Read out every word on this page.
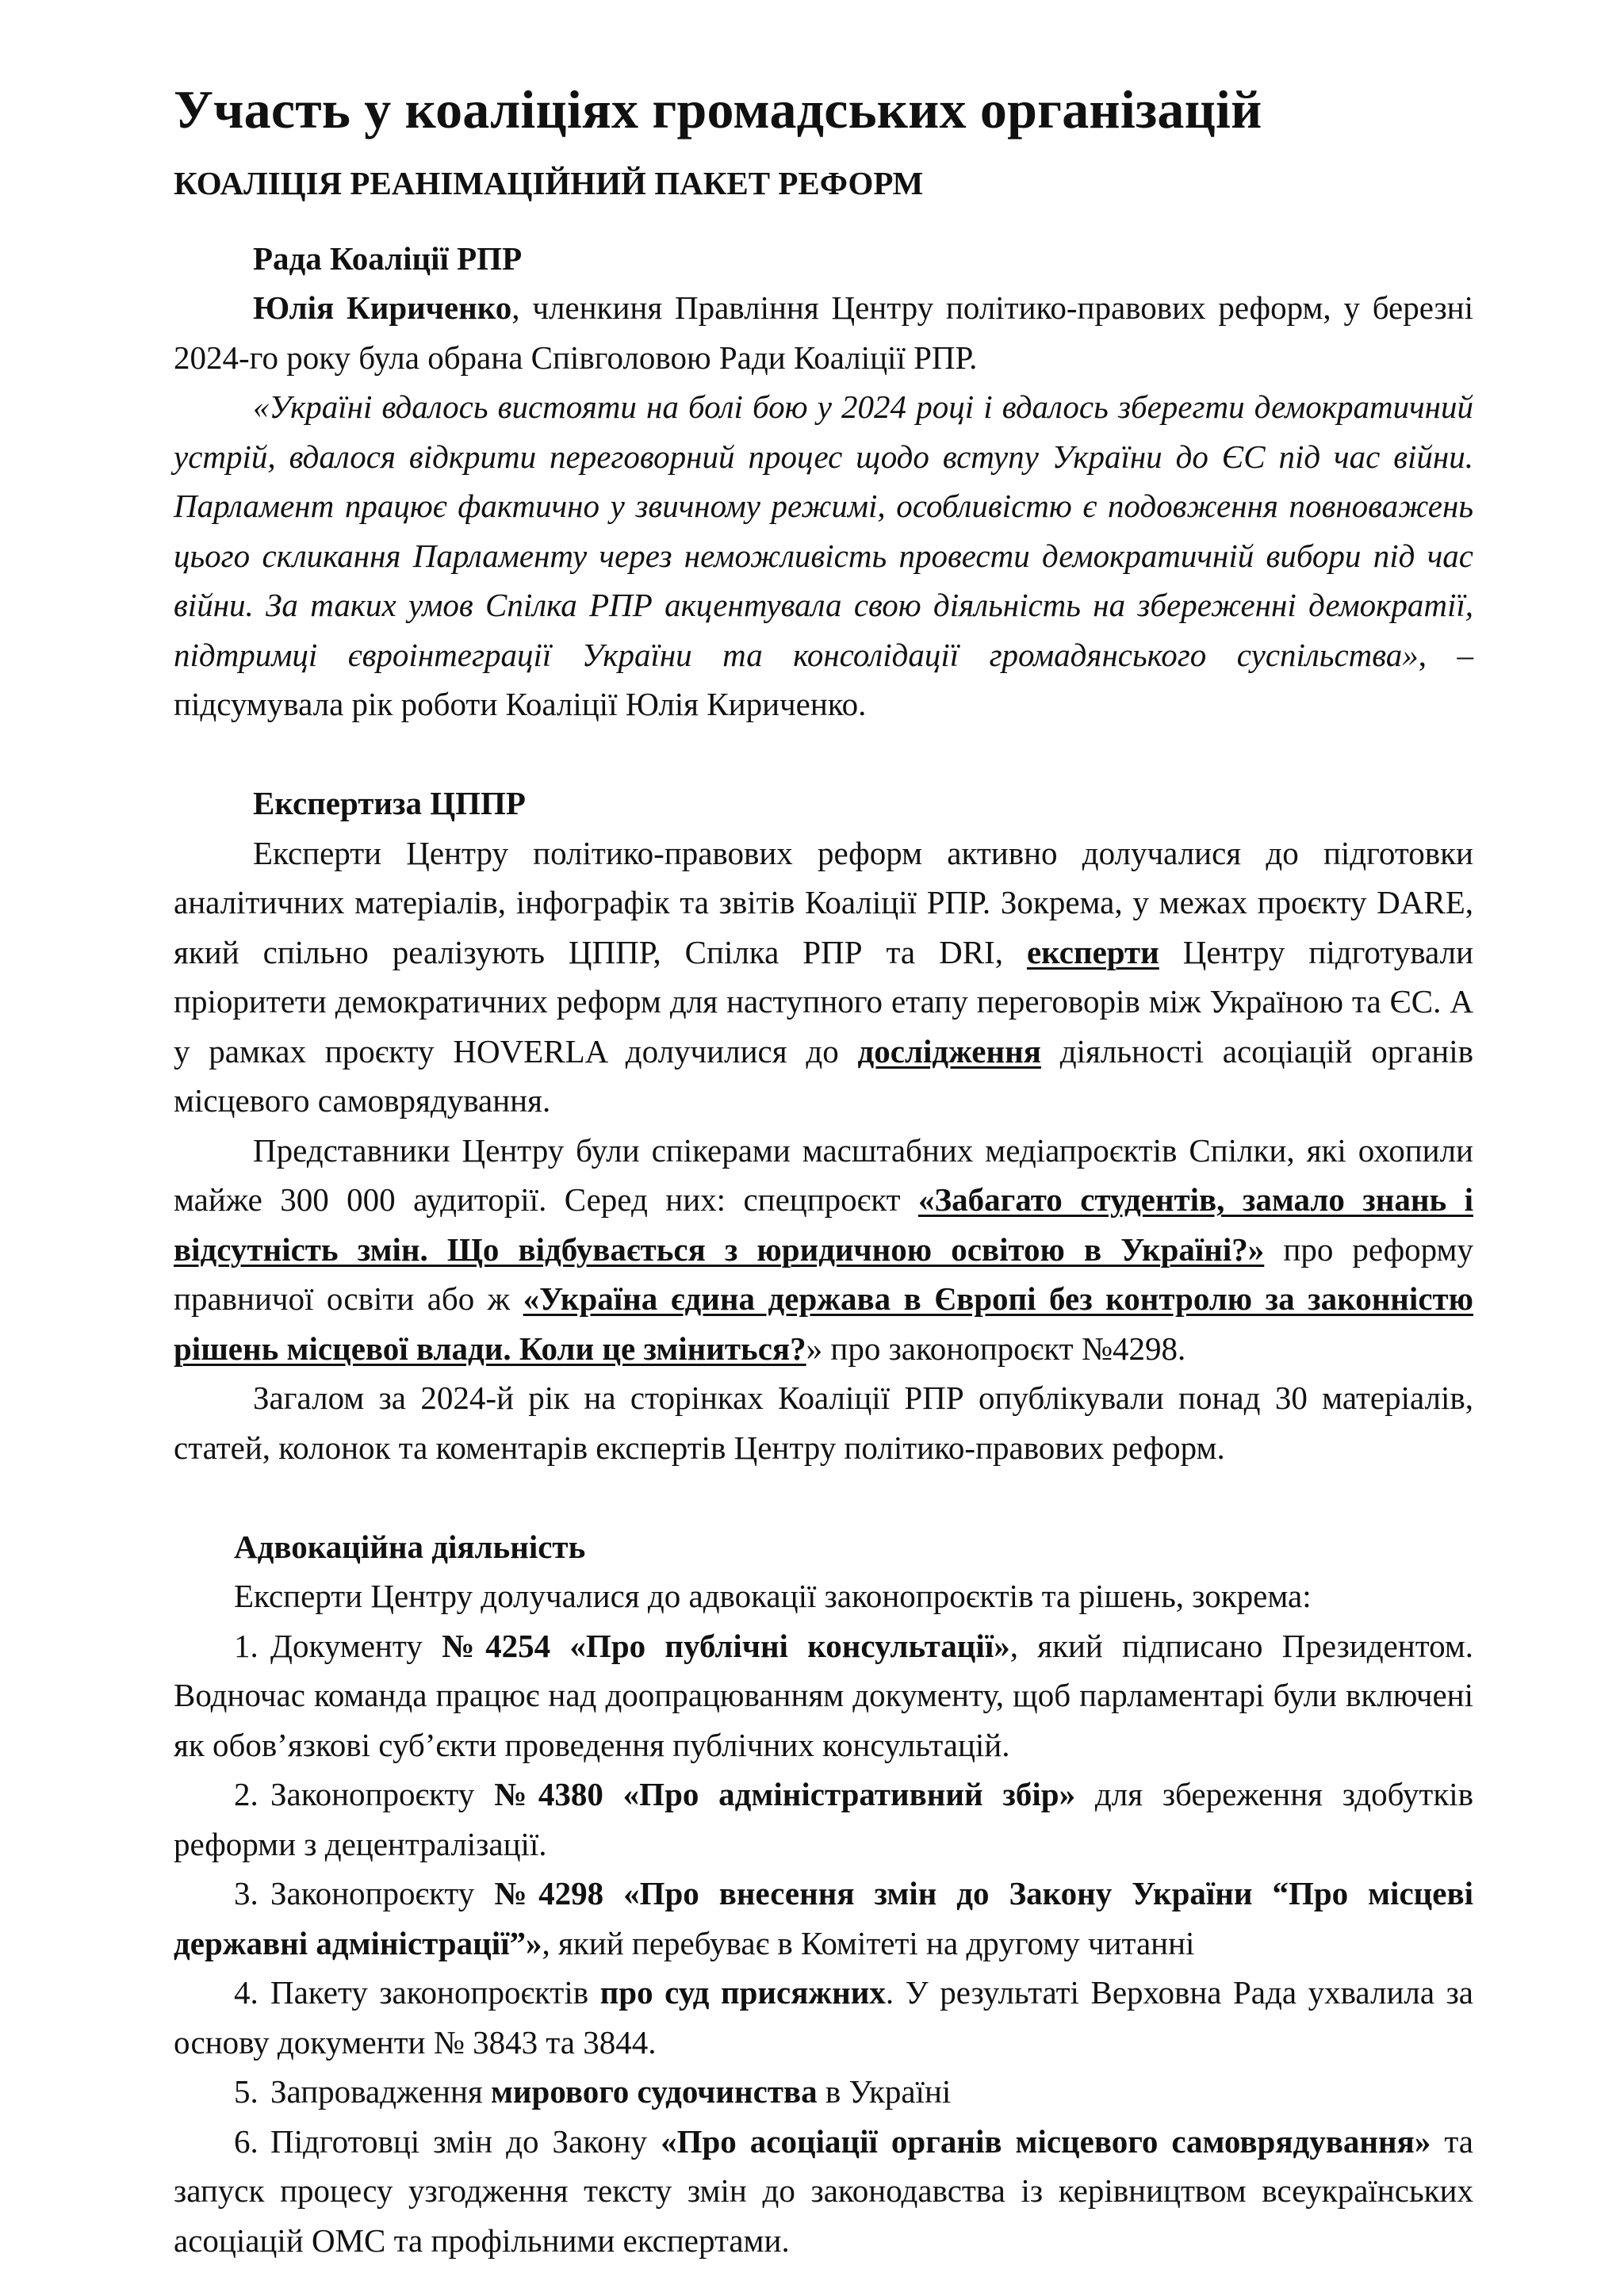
Участь у коаліціях громадських організацій

КОАЛІЦІЯ РЕАНІМАЦІЙНИЙ ПАКЕТ РЕФОРМ

Рада Коаліції РПР

Юлія Кириченко, членкиня Правління Центру політико-правових реформ, у березні 2024-го року була обрана Співголовою Ради Коаліції РПР.

«Україні вдалось вистояти на болі бою у 2024 році і вдалось зберегти демократичний устрій, вдалося відкрити переговорний процес щодо вступу України до ЄС під час війни. Парламент працює фактично у звичному режимі, особливістю є подовження повноважень цього скликання Парламенту через неможливість провести демократичній вибори під час війни. За таких умов Спілка РПР акцентувала свою діяльність на збереженні демократії, підтримці євроінтеграції України та консолідації громадянського суспільства», – підсумувала рік роботи Коаліції Юлія Кириченко.

Експертиза ЦППР

Експерти Центру політико-правових реформ активно долучалися до підготовки аналітичних матеріалів, інфографік та звітів Коаліції РПР. Зокрема, у межах проєкту DARE, який спільно реалізують ЦППР, Спілка РПР та DRI, експерти Центру підготували пріоритети демократичних реформ для наступного етапу переговорів між Україною та ЄС. А у рамках проєкту HOVERLA долучилися до дослідження діяльності асоціацій органів місцевого самоврядування.

Представники Центру були спікерами масштабних медіапроєктів Спілки, які охопили майже 300 000 аудиторії. Серед них: спецпроєкт «Забагато студентів, замало знань і відсутність змін. Що відбувається з юридичною освітою в Україні?» про реформу правничої освіти або ж «Україна єдина держава в Європі без контролю за законністю рішень місцевої влади. Коли це зміниться?» про законопроєкт №4298.

Загалом за 2024-й рік на сторінках Коаліції РПР опублікували понад 30 матеріалів, статей, колонок та коментарів експертів Центру політико-правових реформ.

Адвокаційна діяльність

Експерти Центру долучалися до адвокації законопроєктів та рішень, зокрема:

1. Документу №4254 «Про публічні консультації», який підписано Президентом. Водночас команда працює над доопрацюванням документу, щоб парламентарі були включені як обов’язкові суб’єкти проведення публічних консультацій.

2. Законопроєкту №4380 «Про адміністративний збір» для збереження здобутків реформи з децентралізації.

3. Законопроєкту №4298 «Про внесення змін до Закону України “Про місцеві державні адміністрації”», який перебуває в Комітеті на другому читанні

4. Пакету законопроєктів про суд присяжних. У результаті Верховна Рада ухвалила за основу документи № 3843 та 3844.

5. Запровадження мирового судочинства в Україні

6. Підготовці змін до Закону «Про асоціації органів місцевого самоврядування» та запуск процесу узгодження тексту змін до законодавства із керівництвом всеукраїнських асоціацій ОМС та профільними експертами.
